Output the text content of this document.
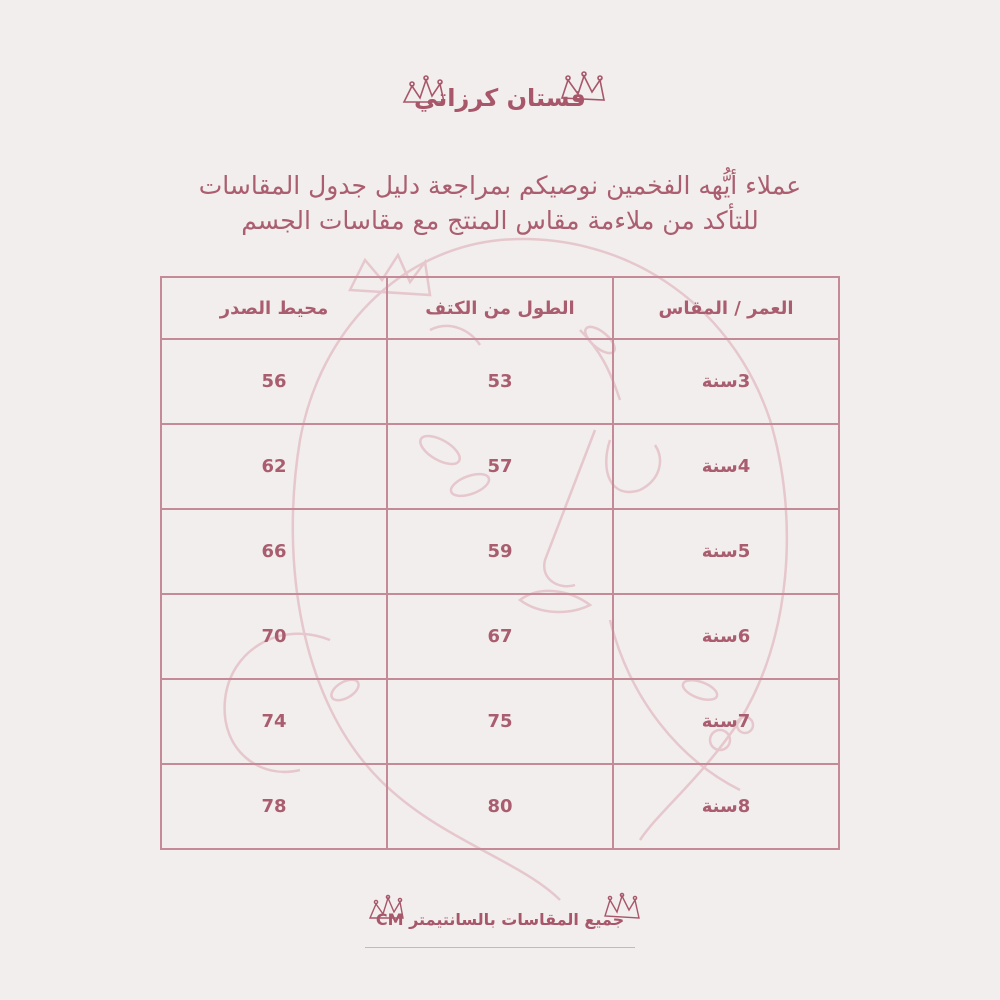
فستان كرزاتي
عملاء أيُّهه الفخمين نوصيكم بمراجعة دليل جدول المقاسات
للتأكد من ملاءمة مقاس المنتج مع مقاسات الجسم
العمر / المقاس	الطول من الكتف	محيط الصدر
3سنة	53	56
4سنة	57	62
5سنة	59	66
6سنة	67	70
7سنة	75	74
8سنة	80	78
جميع المقاسات بالسانتيمتر CM
